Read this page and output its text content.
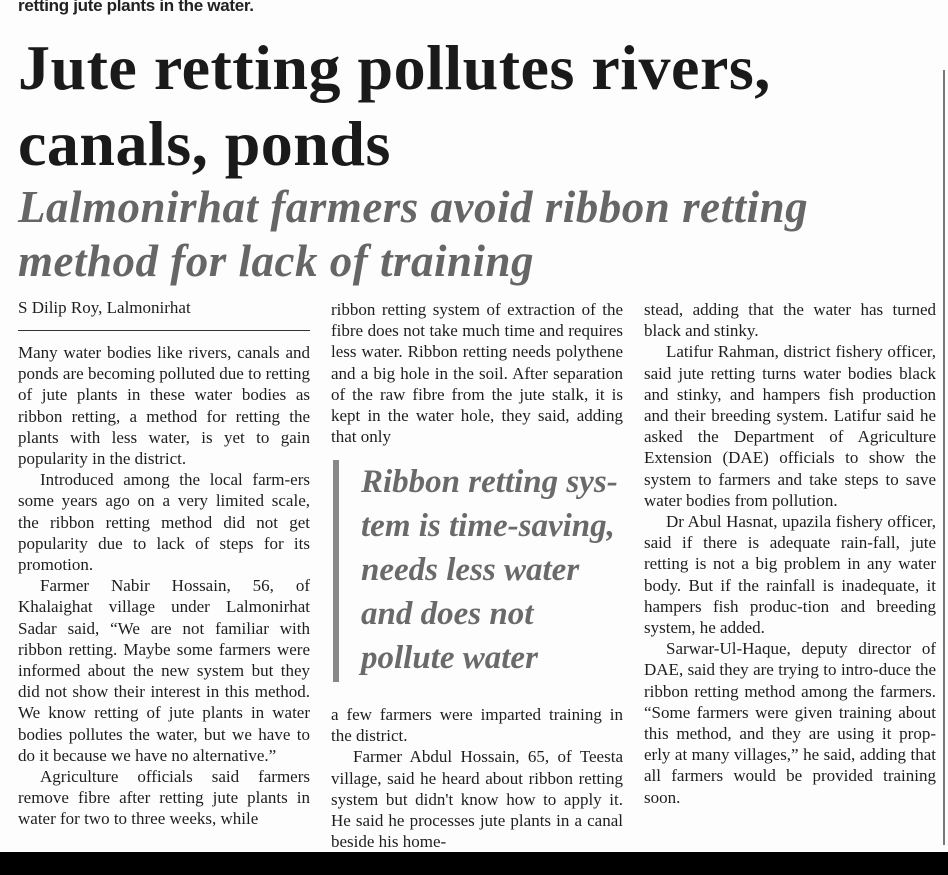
retting jute plants in the water.
Jute retting pollutes rivers, canals, ponds
Lalmonirhat farmers avoid ribbon retting method for lack of training
S Dilip Roy, Lalmonirhat

Many water bodies like rivers, canals and ponds are becoming polluted due to retting of jute plants in these water bodies as ribbon retting, a method for retting the plants with less water, is yet to gain popularity in the district.

Introduced among the local farm-ers some years ago on a very limited scale, the ribbon retting method did not get popularity due to lack of steps for its promotion.

Farmer Nabir Hossain, 56, of Khalaighat village under Lalmonirhat Sadar said, “We are not familiar with ribbon retting. Maybe some farmers were informed about the new system but they did not show their interest in this method. We know retting of jute plants in water bodies pollutes the water, but we have to do it because we have no alternative.”

Agriculture officials said farmers remove fibre after retting jute plants in water for two to three weeks, while

ribbon retting system of extraction of the fibre does not take much time and requires less water. Ribbon retting needs polythene and a big hole in the soil. After separation of the raw fibre from the jute stalk, it is kept in the water hole, they said, adding that only

Ribbon retting sys-tem is time-saving, needs less water and does not pollute water

a few farmers were imparted training in the district.

Farmer Abdul Hossain, 65, of Teesta village, said he heard about ribbon retting system but didn't know how to apply it. He said he processes jute plants in a canal beside his home-

stead, adding that the water has turned black and stinky.

Latifur Rahman, district fishery officer, said jute retting turns water bodies black and stinky, and hampers fish production and their breeding system. Latifur said he asked the Department of Agriculture Extension (DAE) officials to show the system to farmers and take steps to save water bodies from pollution.

Dr Abul Hasnat, upazila fishery officer, said if there is adequate rain-fall, jute retting is not a big problem in any water body. But if the rainfall is inadequate, it hampers fish produc-tion and breeding system, he added.

Sarwar-Ul-Haque, deputy director of DAE, said they are trying to intro-duce the ribbon retting method among the farmers. “Some farmers were given training about this method, and they are using it prop-erly at many villages,” he said, adding that all farmers would be provided training soon.
